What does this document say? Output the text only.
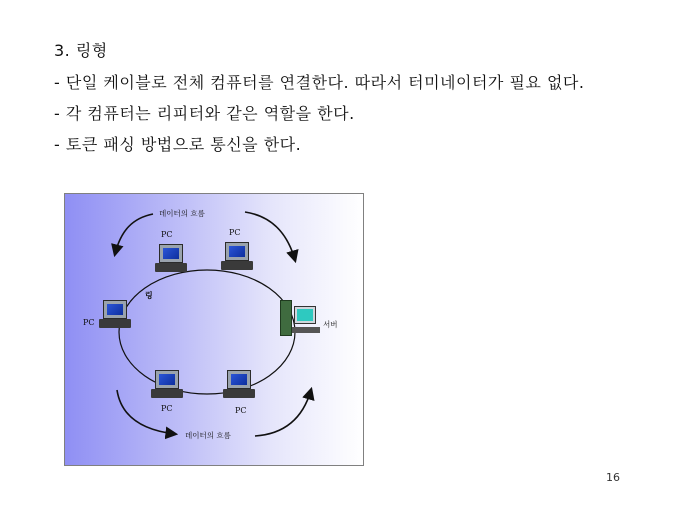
3. 링형
- 단일 케이블로 전체 컴퓨터를 연결한다. 따라서 터미네이터가 필요 없다.
- 각 컴퓨터는 리피터와 같은 역할을 한다.
- 토큰 패싱 방법으로 통신을 한다.
데이터의 흐름
데이터의 흐름
링
PC	PC
PC
PC	PC
서버
16
